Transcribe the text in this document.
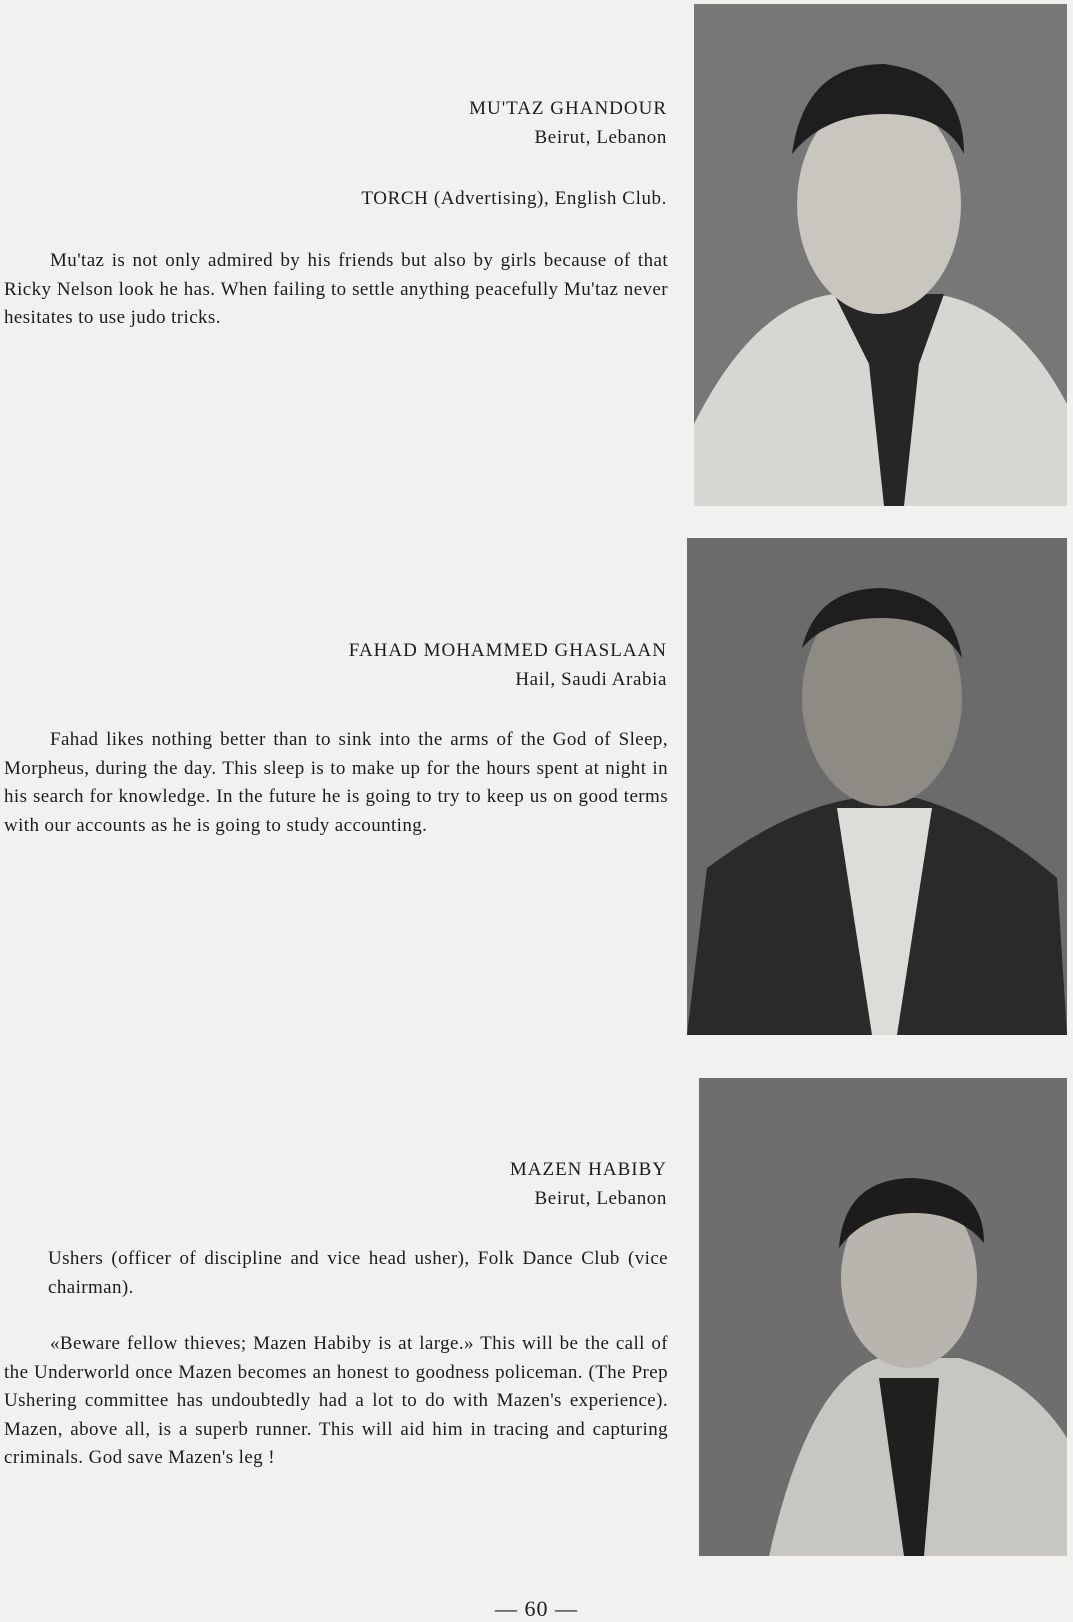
MU'TAZ GHANDOUR
Beirut, Lebanon
TORCH (Advertising), English Club.

Mu'taz is not only admired by his friends but also by girls because of that Ricky Nelson look he has. When failing to settle anything peacefully Mu'taz never hesitates to use judo tricks.

FAHAD MOHAMMED GHASLAAN
Hail, Saudi Arabia

Fahad likes nothing better than to sink into the arms of the God of Sleep, Morpheus, during the day. This sleep is to make up for the hours spent at night in his search for knowledge. In the future he is going to try to keep us on good terms with our accounts as he is going to study accounting.

MAZEN HABIBY
Beirut, Lebanon

Ushers (officer of discipline and vice head usher), Folk Dance Club (vice chairman).

«Beware fellow thieves; Mazen Habiby is at large.» This will be the call of the Underworld once Mazen becomes an honest to goodness policeman. (The Prep Ushering committee has undoubtedly had a lot to do with Mazen's experience). Mazen, above all, is a superb runner. This will aid him in tracing and capturing criminals. God save Mazen's leg !

— 60 —
